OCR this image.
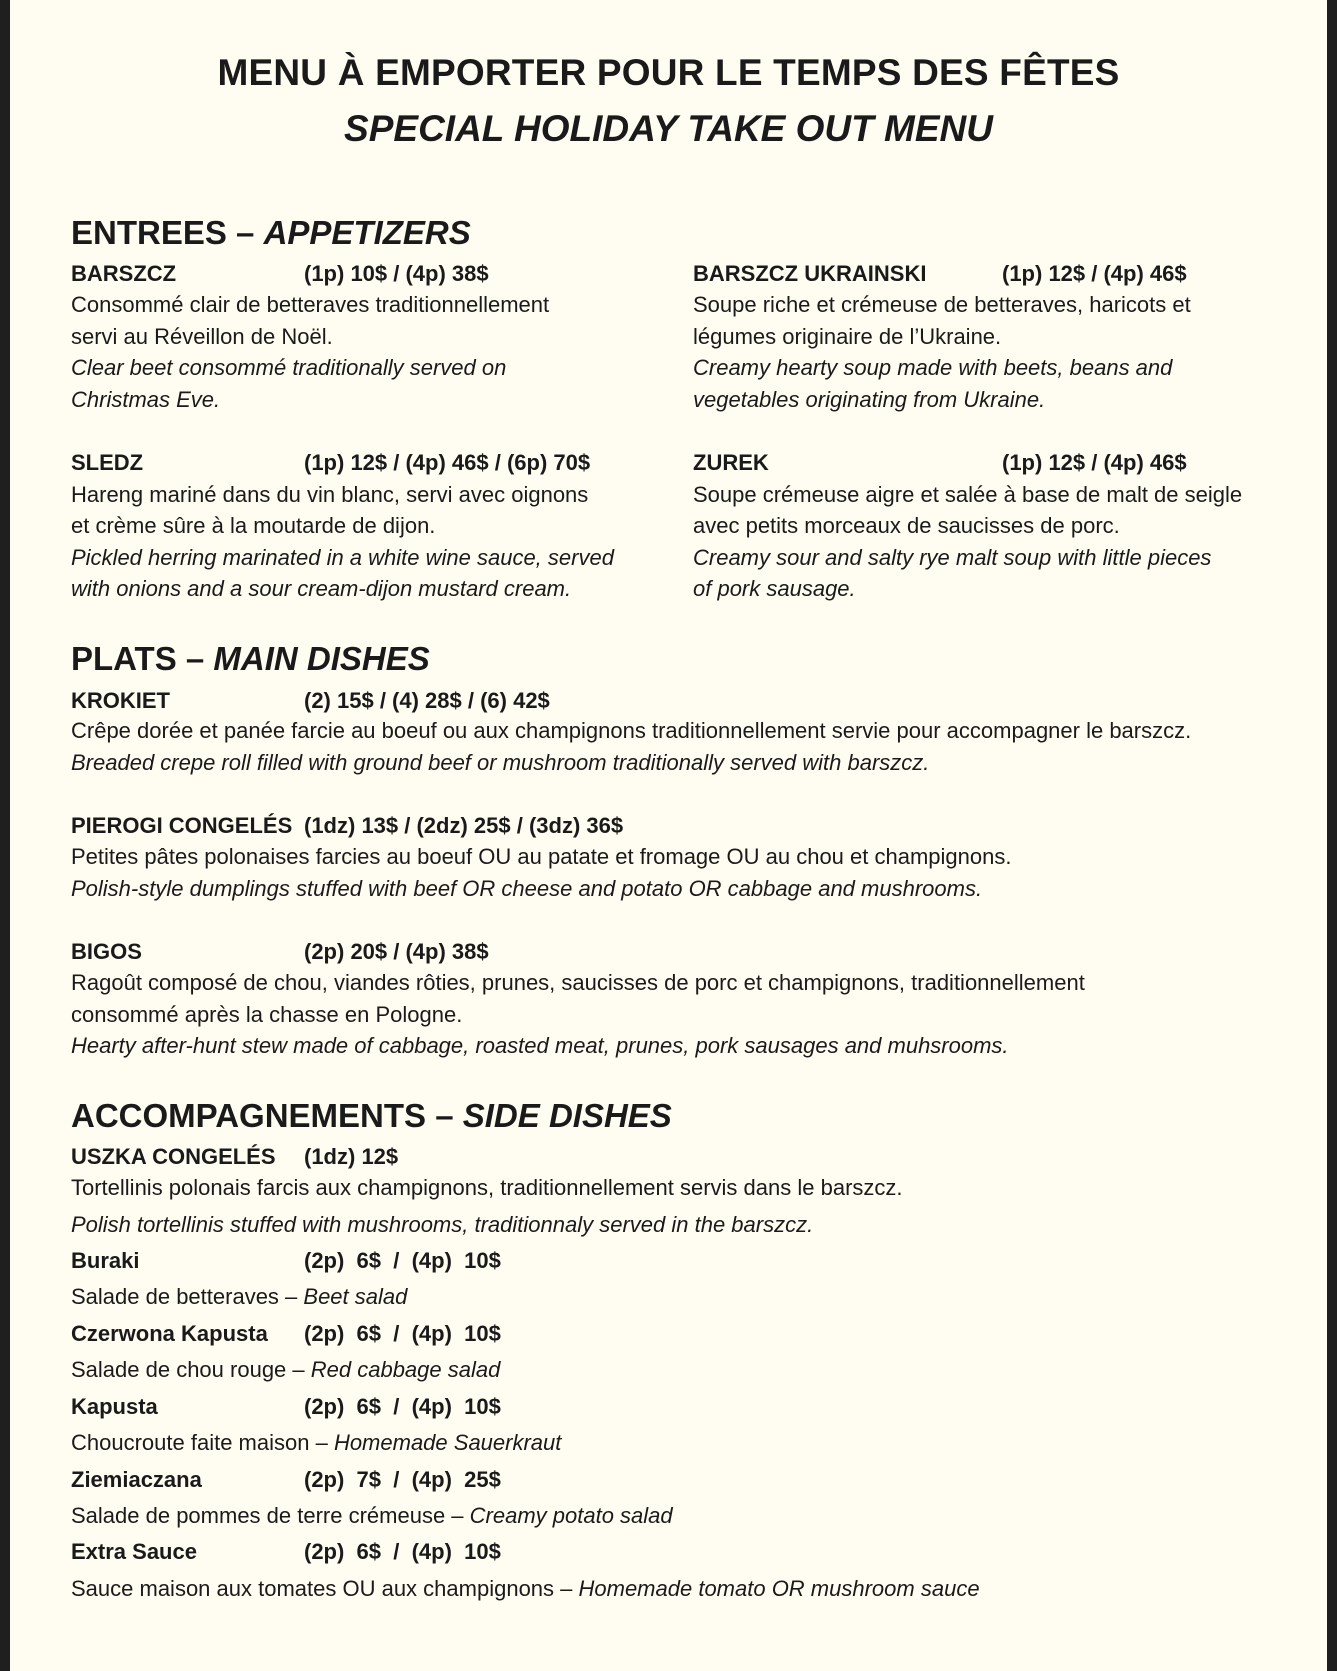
MENU À EMPORTER POUR LE TEMPS DES FÊTES
SPECIAL HOLIDAY TAKE OUT MENU
ENTREES – APPETIZERS
BARSZCZ	(1p) 10$ / (4p) 38$
Consommé clair de betteraves traditionnellement
servi au Réveillon de Noël.
Clear beet consommé traditionally served on
Christmas Eve.
BARSZCZ UKRAINSKI	(1p) 12$ / (4p) 46$
Soupe riche et crémeuse de betteraves, haricots et
légumes originaire de l’Ukraine.
Creamy hearty soup made with beets, beans and
vegetables originating from Ukraine.
SLEDZ	(1p) 12$ / (4p) 46$ / (6p) 70$
Hareng mariné dans du vin blanc, servi avec oignons
et crème sûre à la moutarde de dijon.
Pickled herring marinated in a white wine sauce, served
with onions and a sour cream-dijon mustard cream.
ZUREK	(1p) 12$ / (4p) 46$
Soupe crémeuse aigre et salée à base de malt de seigle
avec petits morceaux de saucisses de porc.
Creamy sour and salty rye malt soup with little pieces
of pork sausage.
PLATS – MAIN DISHES
KROKIET	(2) 15$ / (4) 28$ / (6) 42$
Crêpe dorée et panée farcie au boeuf ou aux champignons traditionnellement servie pour accompagner le barszcz.
Breaded crepe roll filled with ground beef or mushroom traditionally served with barszcz.
PIEROGI CONGELÉS (1dz) 13$ / (2dz) 25$ / (3dz) 36$
Petites pâtes polonaises farcies au boeuf OU au patate et fromage OU au chou et champignons.
Polish-style dumplings stuffed with beef OR cheese and potato OR cabbage and mushrooms.
BIGOS	(2p) 20$ / (4p) 38$
Ragoût composé de chou, viandes rôties, prunes, saucisses de porc et champignons, traditionnellement
consommé après la chasse en Pologne.
Hearty after-hunt stew made of cabbage, roasted meat, prunes, pork sausages and muhsrooms.
ACCOMPAGNEMENTS – SIDE DISHES
USZKA CONGELÉS (1dz) 12$
Tortellinis polonais farcis aux champignons, traditionnellement servis dans le barszcz.
Polish tortellinis stuffed with mushrooms, traditionnaly served in the barszcz.
Buraki	(2p)  6$  /  (4p)  10$
Salade de betteraves – Beet salad
Czerwona Kapusta (2p)  6$  /  (4p)  10$
Salade de chou rouge – Red cabbage salad
Kapusta	(2p)  6$  /  (4p)  10$
Choucroute faite maison – Homemade Sauerkraut
Ziemiaczana	(2p)  7$  /  (4p)  25$
Salade de pommes de terre crémeuse – Creamy potato salad
Extra Sauce	(2p)  6$  /  (4p)  10$
Sauce maison aux tomates OU aux champignons – Homemade tomato OR mushroom sauce
